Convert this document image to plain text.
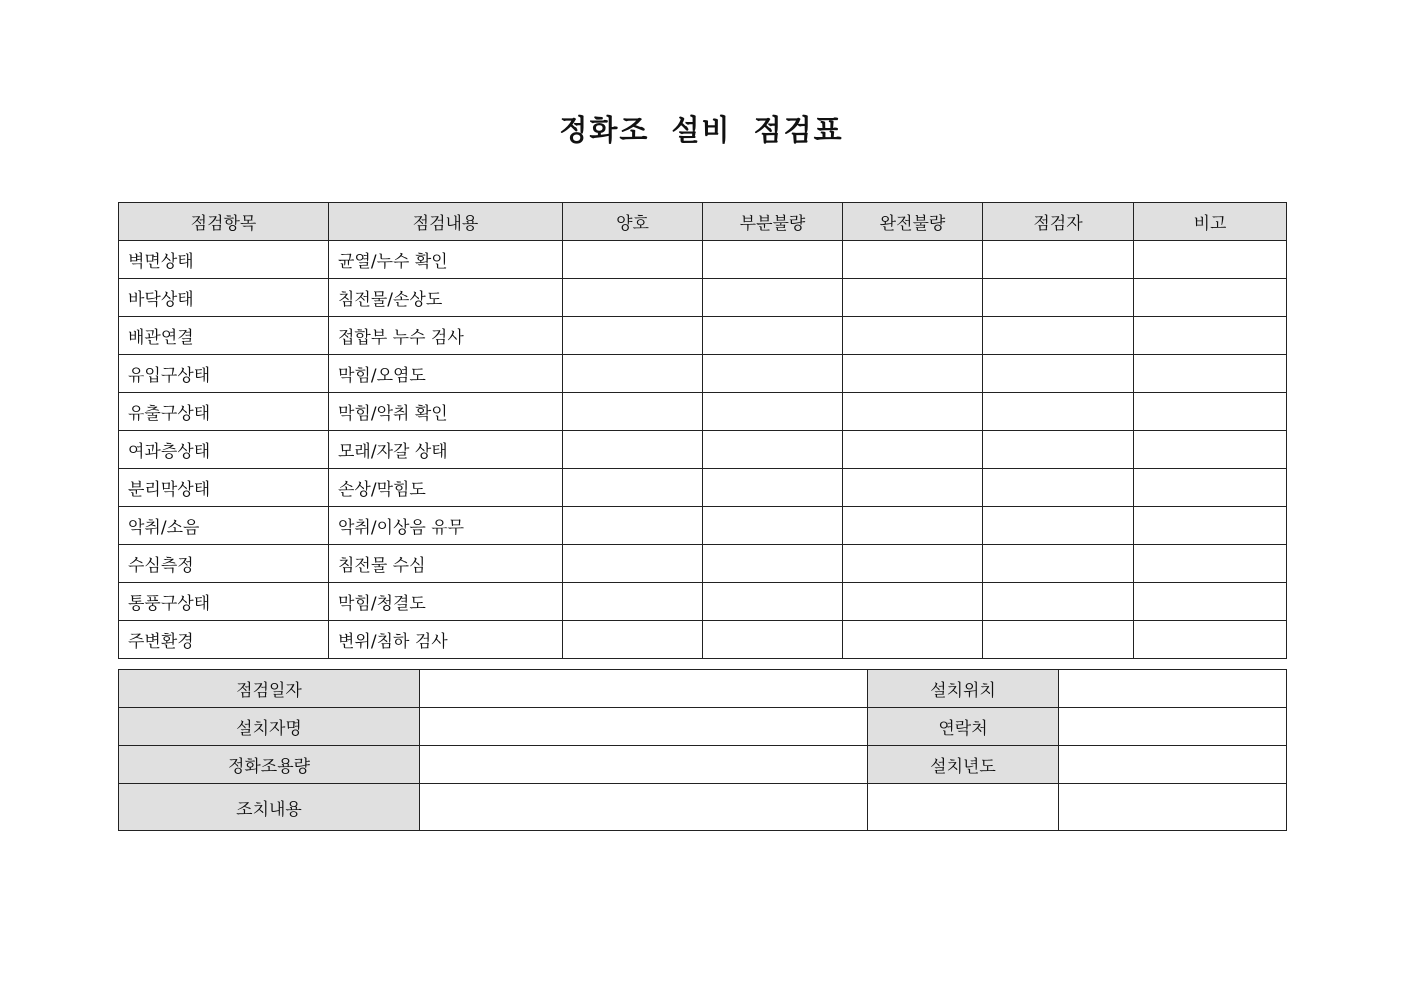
정화조 설비 점검표
점검항목	점검내용	양호	부분불량	완전불량	점검자	비고
벽면상태	균열/누수 확인					
바닥상태	침전물/손상도					
배관연결	접합부 누수 검사					
유입구상태	막힘/오염도					
유출구상태	막힘/악취 확인					
여과층상태	모래/자갈 상태					
분리막상태	손상/막힘도					
악취/소음	악취/이상음 유무					
수심측정	침전물 수심					
통풍구상태	막힘/청결도					
주변환경	변위/침하 검사					
점검일자		설치위치	
설치자명		연락처	
정화조용량		설치년도	
조치내용			
